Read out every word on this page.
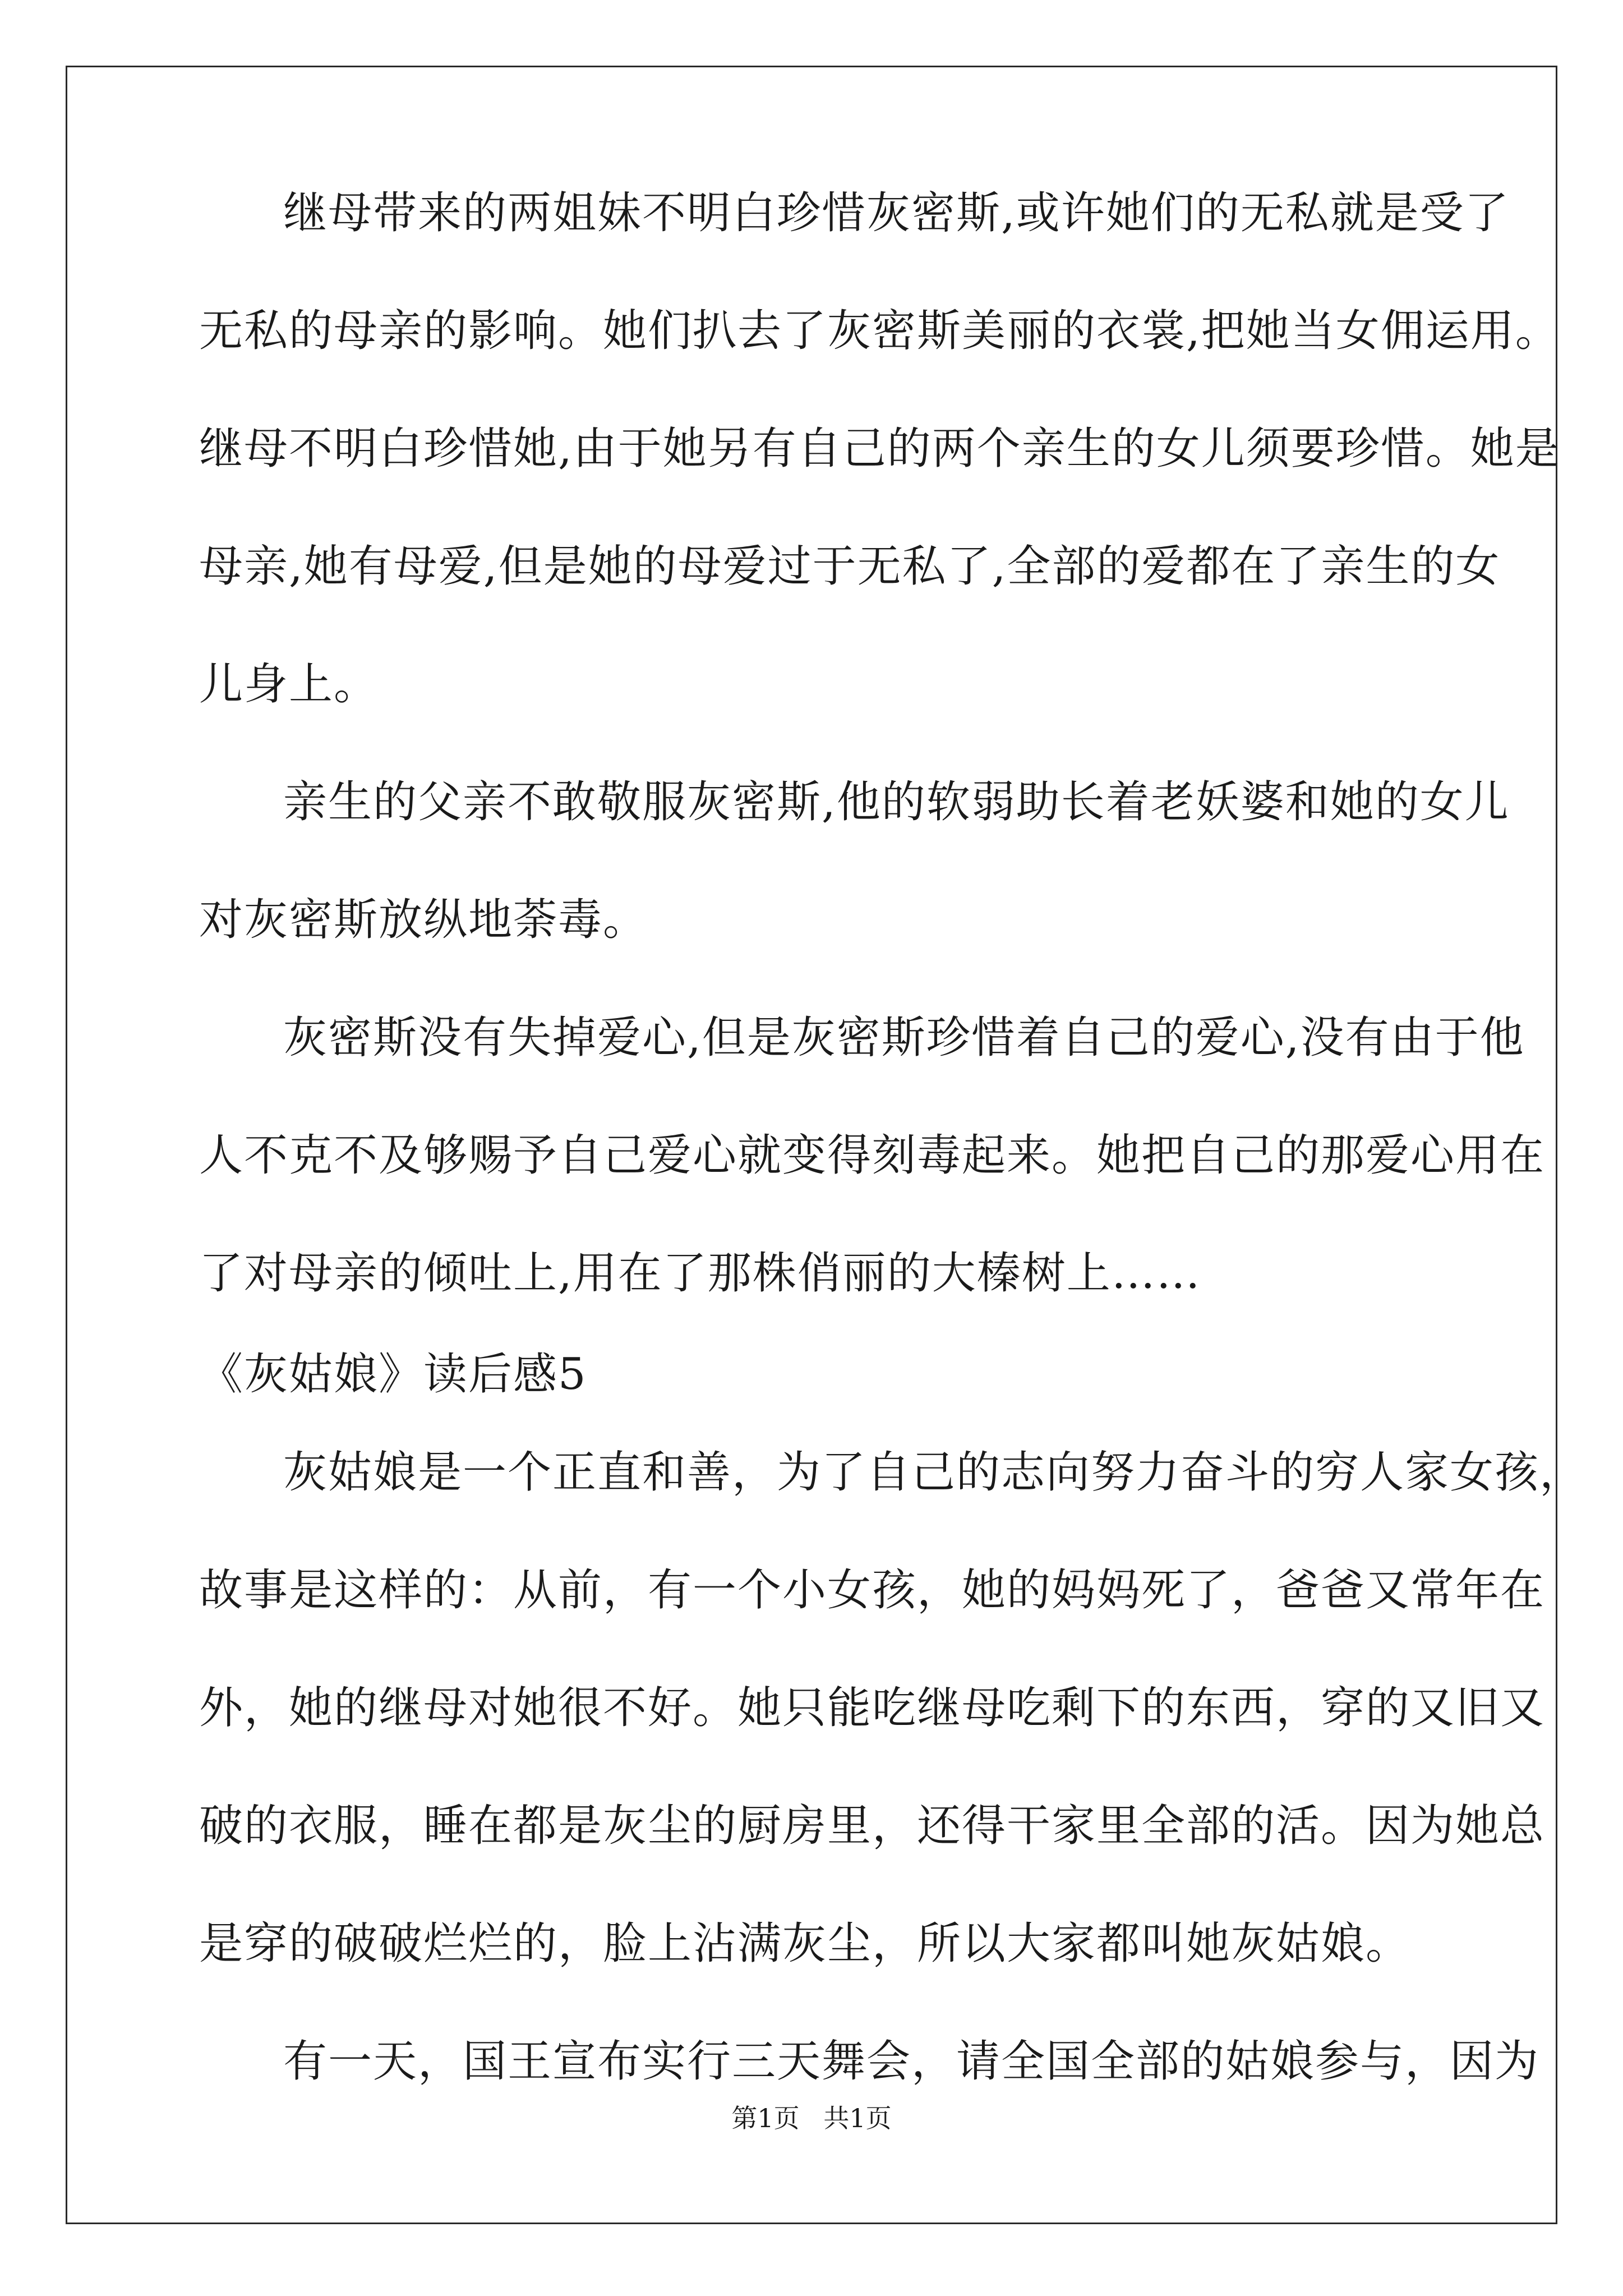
继母带来的两姐妹不明白珍惜灰密斯,或许她们的无私就是受了
无私的母亲的影响。她们扒去了灰密斯美丽的衣裳,把她当女佣运用。
继母不明白珍惜她,由于她另有自己的两个亲生的女儿须要珍惜。她是
母亲,她有母爱,但是她的母爱过于无私了,全部的爱都在了亲生的女
儿身上。
亲生的父亲不敢敬服灰密斯,他的软弱助长着老妖婆和她的女儿
对灰密斯放纵地荼毒。
灰密斯没有失掉爱心,但是灰密斯珍惜着自己的爱心,没有由于他
人不克不及够赐予自己爱心就变得刻毒起来。她把自己的那爱心用在
了对母亲的倾吐上,用在了那株俏丽的大榛树上……
《灰姑娘》读后感5
灰姑娘是一个正直和善，为了自己的志向努力奋斗的穷人家女孩，
故事是这样的：从前，有一个小女孩，她的妈妈死了，爸爸又常年在
外，她的继母对她很不好。她只能吃继母吃剩下的东西，穿的又旧又
破的衣服，睡在都是灰尘的厨房里，还得干家里全部的活。因为她总
是穿的破破烂烂的，脸上沾满灰尘，所以大家都叫她灰姑娘。
有一天，国王宣布实行三天舞会，请全国全部的姑娘参与，因为
第1页 共1页
